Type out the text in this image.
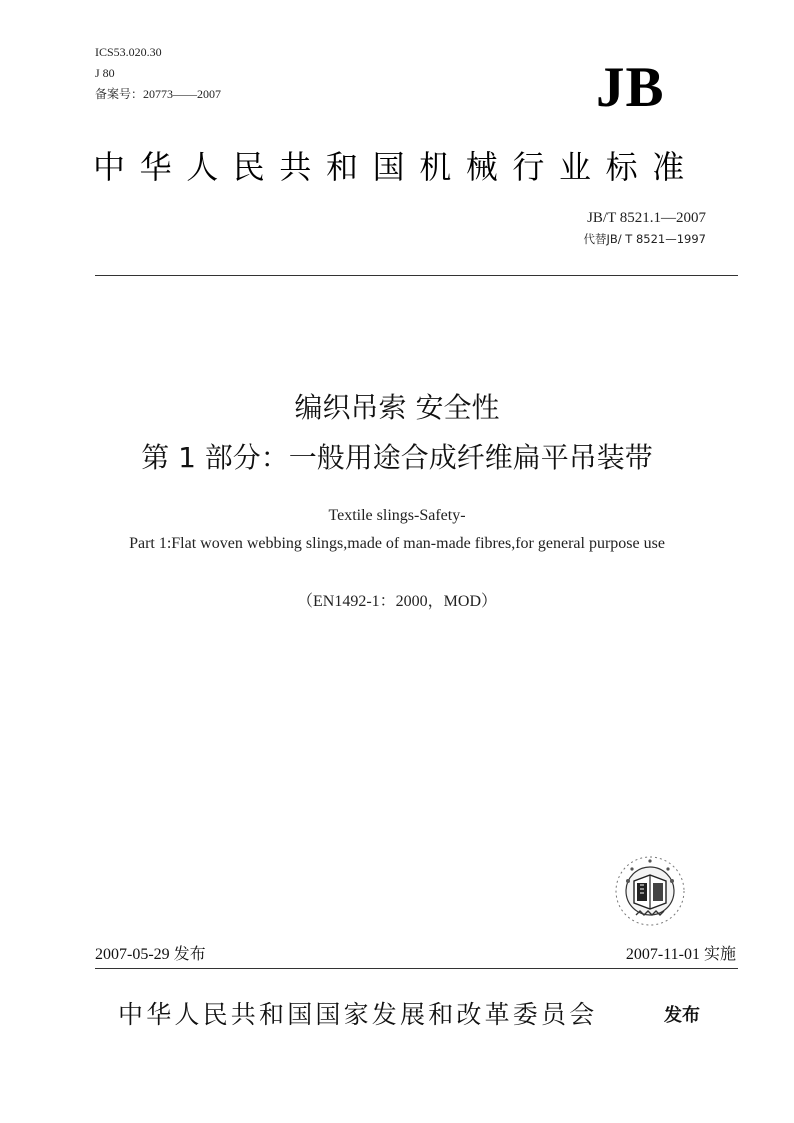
ICS53.020.30
J 80
备案号：20773——2007	JB
中华人民共和国机械行业标准
JB/T 8521.1—2007
代替JB/ T 8521—1997
编织吊索 安全性
第 1 部分：一般用途合成纤维扁平吊装带
Textile slings-Safety-
Part 1:Flat woven webbing slings,made of man-made fibres,for general purpose use
（EN1492-1：2000，MOD）
2007-05-29 发布	2007-11-01 实施
中华人民共和国国家发展和改革委员会	发布
